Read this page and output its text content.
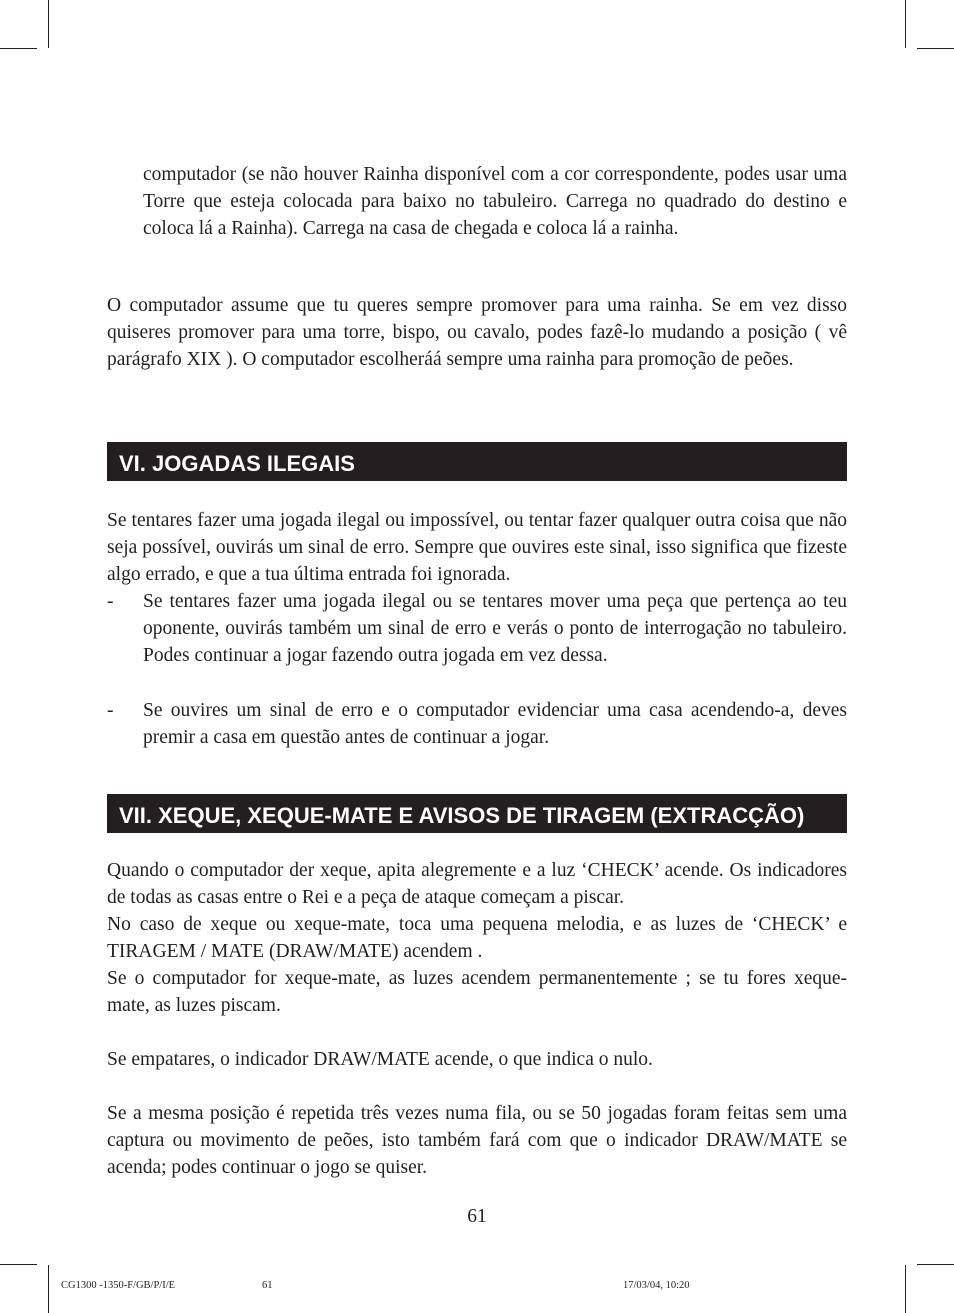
computador (se não houver Rainha disponível com a cor correspondente, podes usar uma Torre que esteja colocada para baixo no tabuleiro. Carrega no quadrado do destino e coloca lá a Rainha). Carrega na casa de chegada e coloca lá a rainha.

O computador assume que tu queres sempre promover para uma rainha. Se em vez disso quiseres promover para uma torre, bispo, ou cavalo, podes fazê-lo mudando a posição ( vê parágrafo XIX ). O computador escolheráá sempre uma rainha para promoção de peões.

VI. JOGADAS ILEGAIS

Se tentares fazer uma jogada ilegal ou impossível, ou tentar fazer qualquer outra coisa que não seja possível, ouvirás um sinal de erro. Sempre que ouvires este sinal, isso significa que fizeste algo errado, e que a tua última entrada foi ignorada.

- Se tentares fazer uma jogada ilegal ou se tentares mover uma peça que pertença ao teu oponente, ouvirás também um sinal de erro e verás o ponto de interrogação no tabuleiro. Podes continuar a jogar fazendo outra jogada em vez dessa.
- Se ouvires um sinal de erro e o computador evidenciar uma casa acendendo-a, deves premir a casa em questão antes de continuar a jogar.
VII. XEQUE, XEQUE-MATE E AVISOS DE TIRAGEM (EXTRACÇÃO)

Quando o computador der xeque, apita alegremente e a luz ‘CHECK’ acende. Os indicadores de todas as casas entre o Rei e a peça de ataque começam a piscar.

No caso de xeque ou xeque-mate, toca uma pequena melodia, e as luzes de ‘CHECK’ e TIRAGEM / MATE (DRAW/MATE) acendem .

Se o computador for xeque-mate, as luzes acendem permanentemente ; se tu fores xeque-mate, as luzes piscam.

Se empatares, o indicador DRAW/MATE acende, o que indica o nulo.

Se a mesma posição é repetida três vezes numa fila, ou se 50 jogadas foram feitas sem uma captura ou movimento de peões, isto também fará com que o indicador DRAW/MATE se acenda; podes continuar o jogo se quiser.

61
CG1300 -1350-F/GB/P/I/E	61	17/03/04, 10:20
